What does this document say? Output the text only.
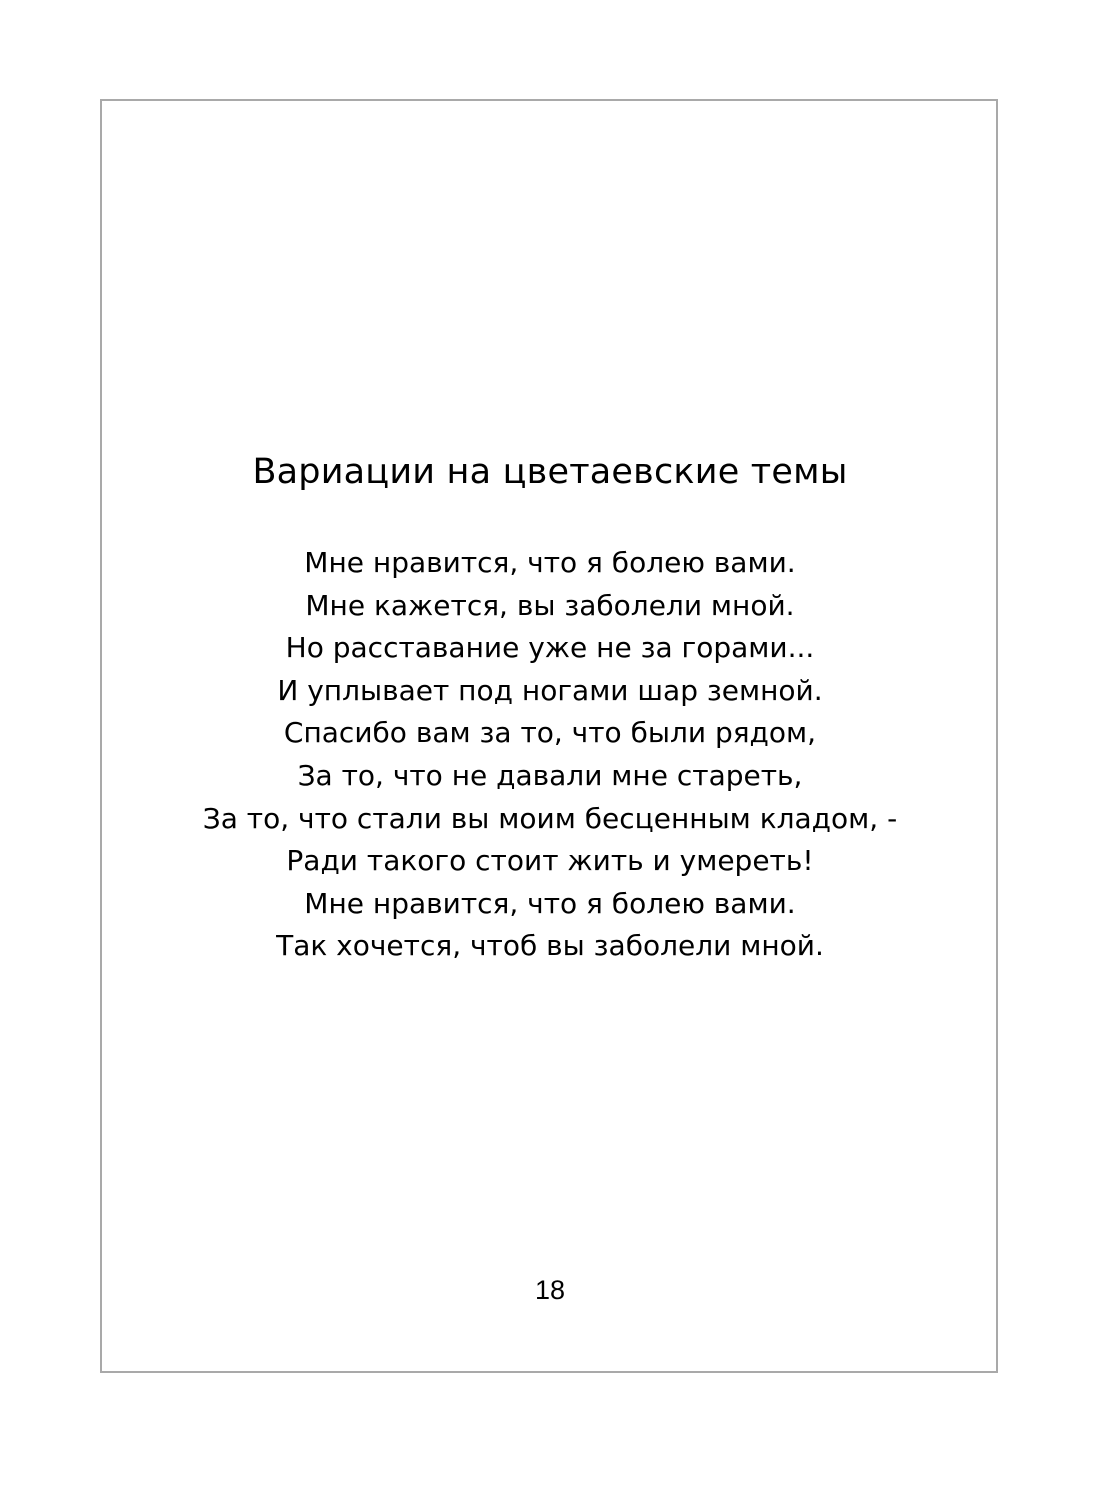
Вариации на цветаевские темы
Мне нравится, что я болею вами.
Мне кажется, вы заболели мной.
Но расставание уже не за горами...
И уплывает под ногами шар земной.
Спасибо вам за то, что были рядом,
За то, что не давали мне стареть,
За то, что стали вы моим бесценным кладом, -
Ради такого стоит жить и умереть!
Мне нравится, что я болею вами.
Так хочется, чтоб вы заболели мной.
18
